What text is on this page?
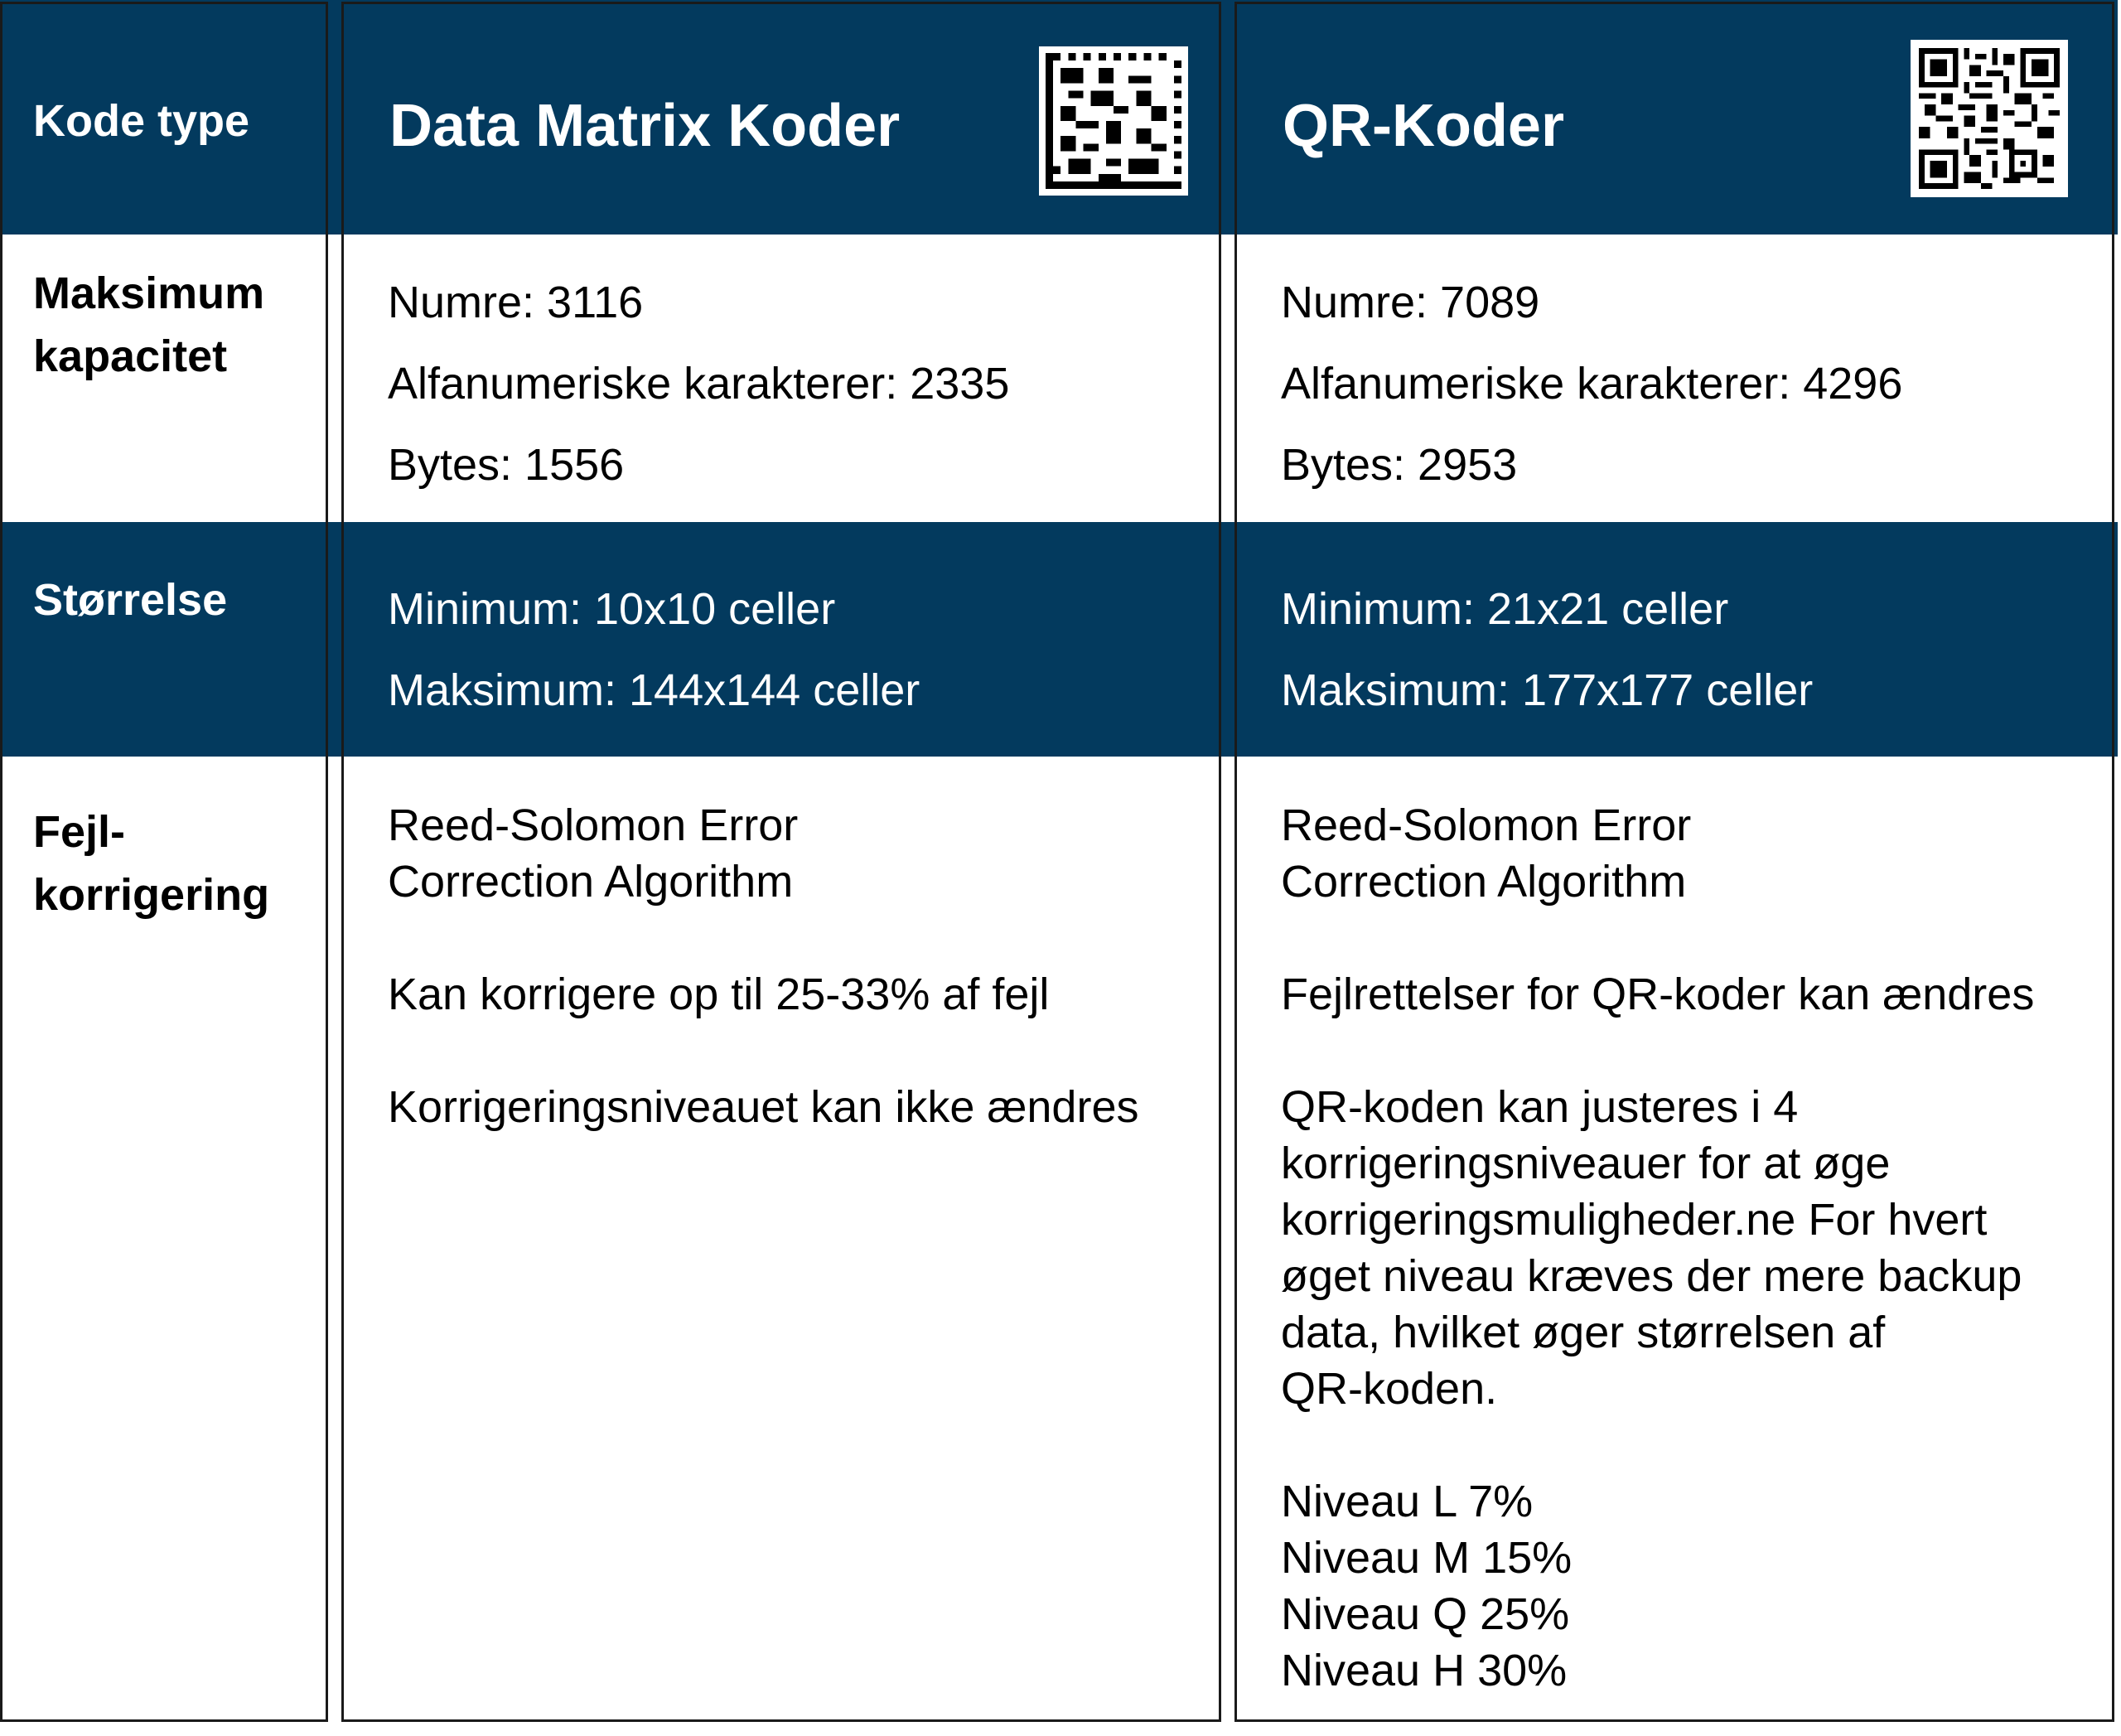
Kode type Data Matrix Koder	QR-Koder
Maksimum
kapacitet
Numre: 3116
Alfanumeriske karakterer: 2335
Bytes: 1556
Numre: 7089
Alfanumeriske karakterer: 4296
Bytes: 2953
Størrelse	Minimum: 10x10 celler
Maksimum: 144x144 celler
Minimum: 21x21 celler
Maksimum: 177x177 celler
Fejl-
korrigering
Reed-Solomon Error
Correction Algorithm
Kan korrigere op til 25-33% af fejl
Korrigeringsniveauet kan ikke ændres
Reed-Solomon Error
Correction Algorithm
Fejlrettelser for QR-koder kan ændres
QR-koden kan justeres i 4
korrigeringsniveauer for at øge
korrigeringsmuligheder.ne For hvert
øget niveau kræves der mere backup
data, hvilket øger størrelsen af
QR-koden.
Niveau L 7%
Niveau M 15%
Niveau Q 25%
Niveau H 30%
